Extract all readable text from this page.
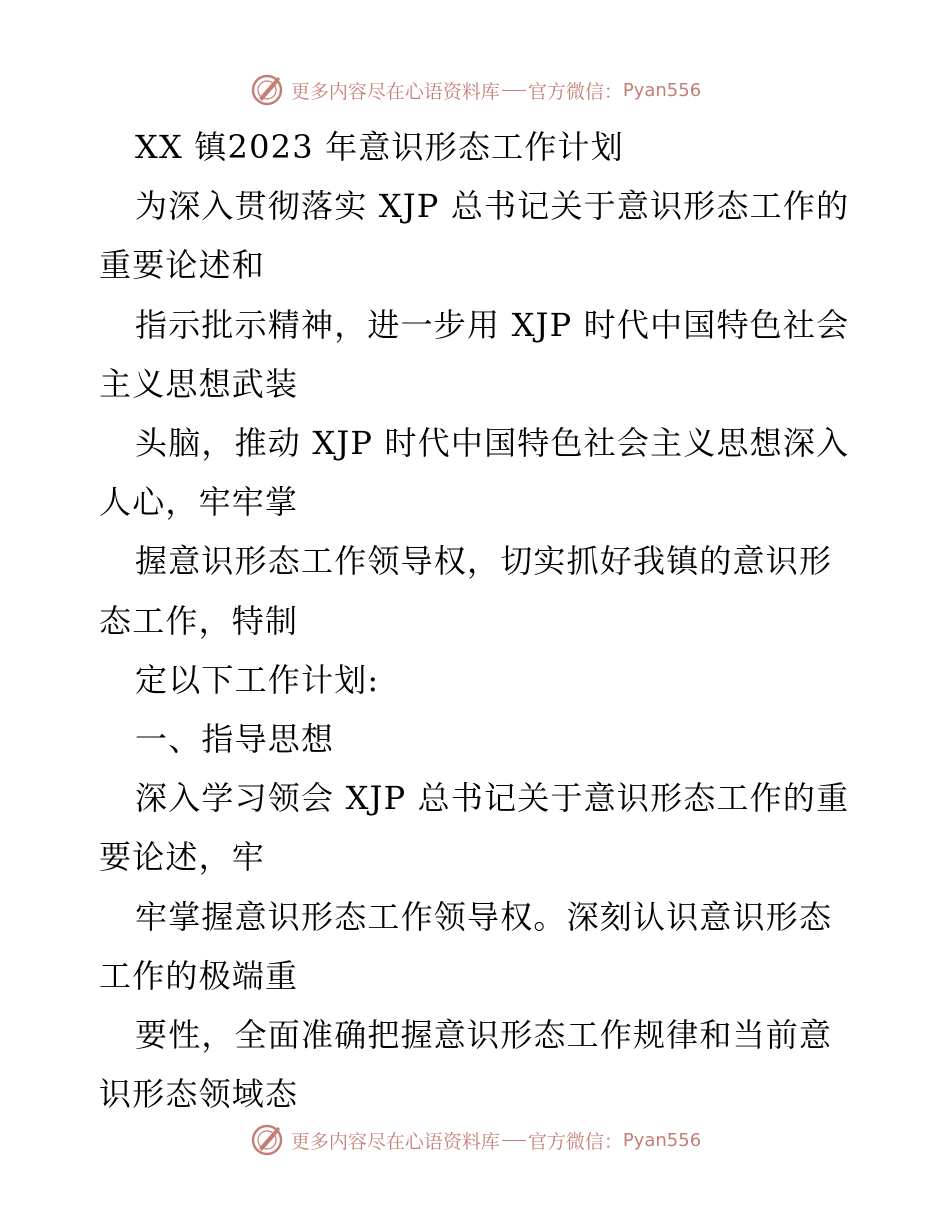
更多内容尽在心语资料库 官方微信： Pyan556

XX 镇2023 年意识形态工作计划

为深入贯彻落实 XJP 总书记关于意识形态工作的重要论述和

指示批示精神，进一步用 XJP 时代中国特色社会主义思想武装

头脑，推动 XJP 时代中国特色社会主义思想深入人心，牢牢掌

握意识形态工作领导权，切实抓好我镇的意识形态工作，特制

定以下工作计划:

一、指导思想

深入学习领会 XJP 总书记关于意识形态工作的重要论述，牢

牢掌握意识形态工作领导权。深刻认识意识形态工作的极端重

要性，全面准确把握意识形态工作规律和当前意识形态领域态

更多内容尽在心语资料库 官方微信： Pyan556
